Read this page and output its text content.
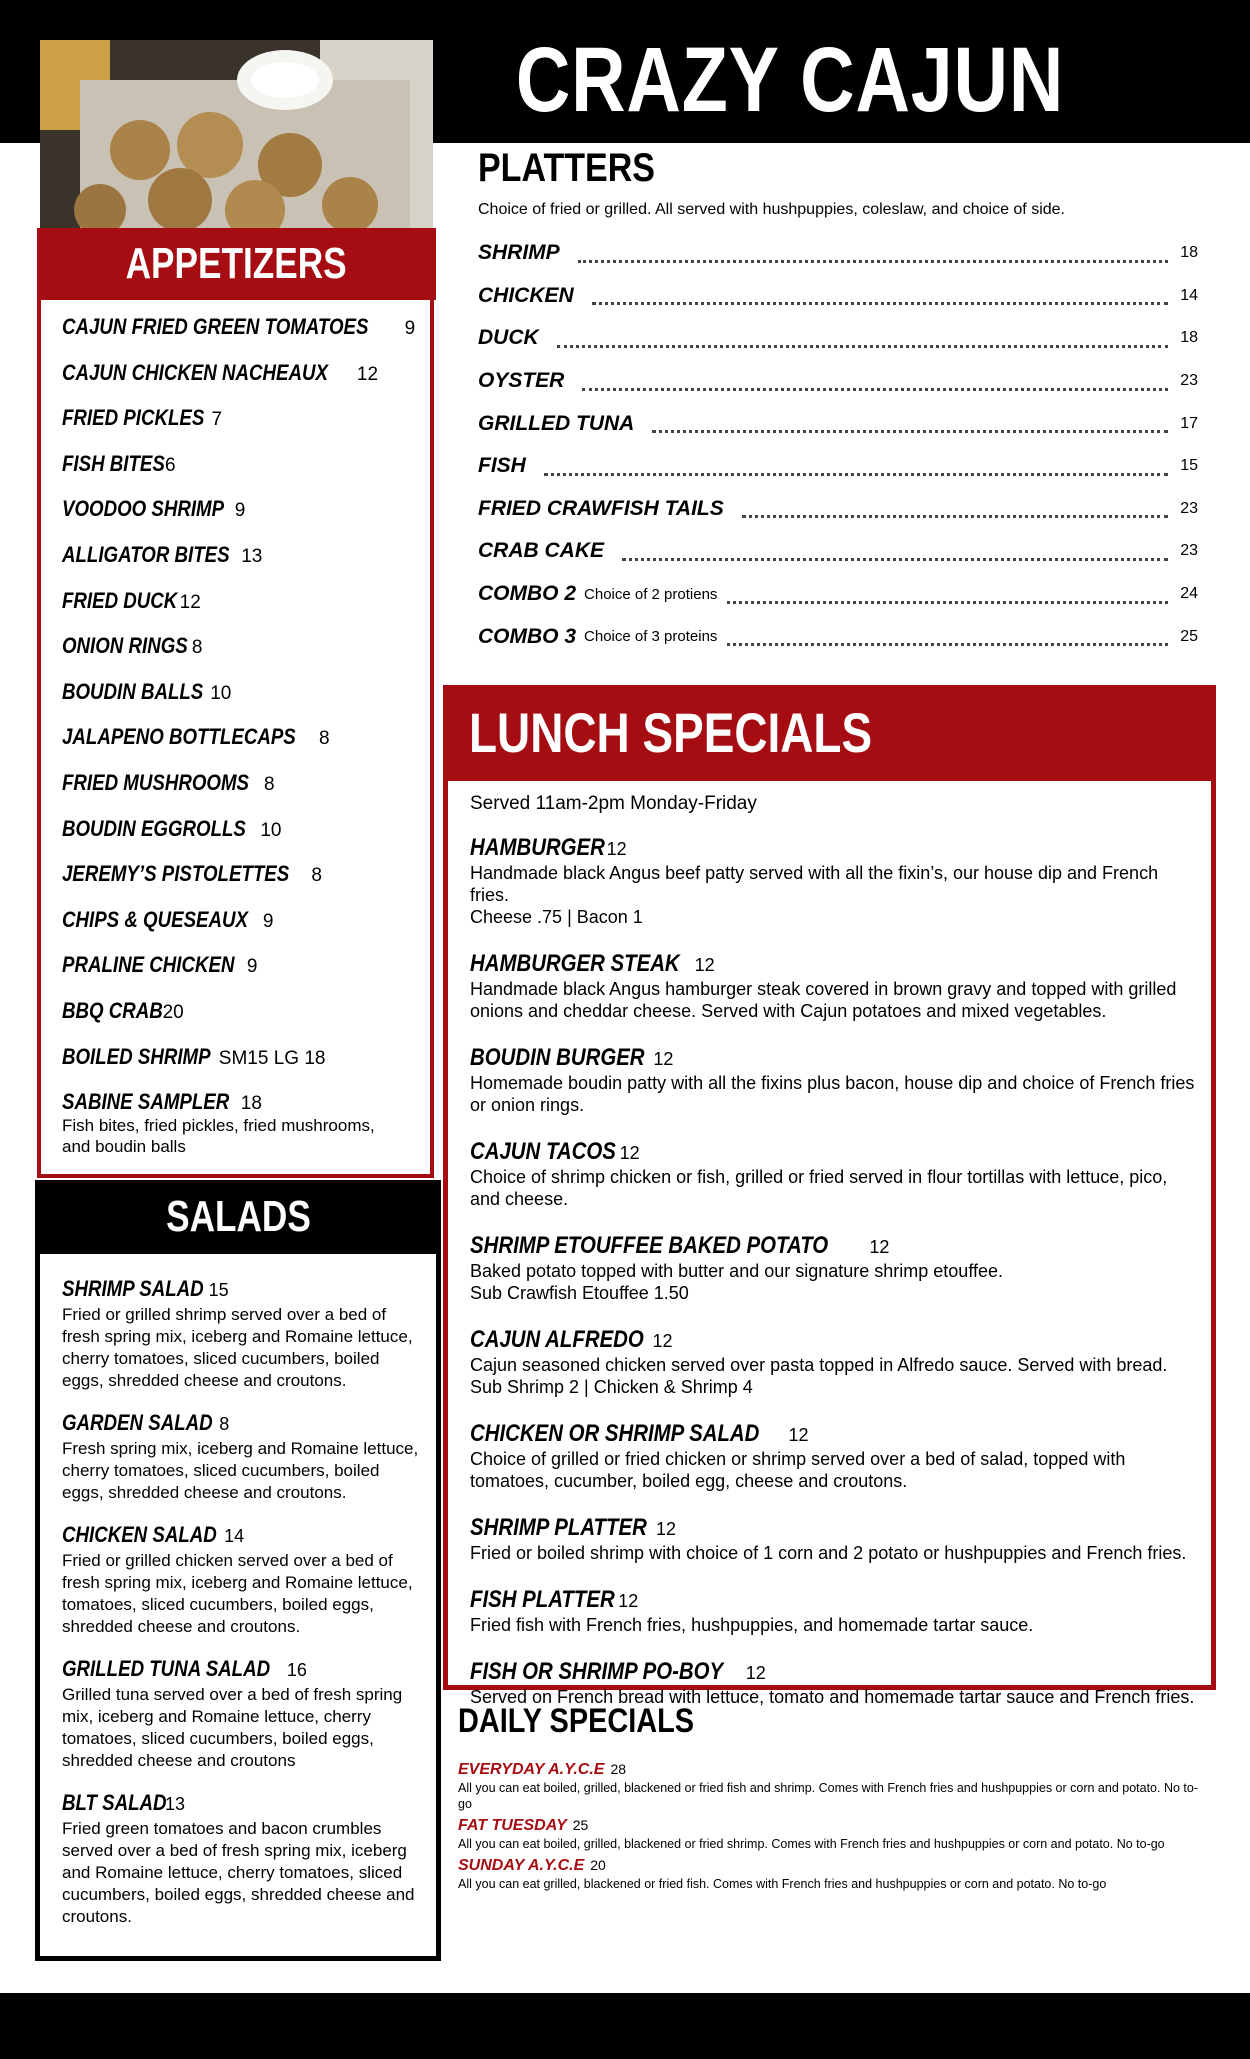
CRAZY CAJUN
APPETIZERS
CAJUN FRIED GREEN TOMATOES 9
CAJUN CHICKEN NACHEAUX 12
FRIED PICKLES 7
FISH BITES6
VOODOO SHRIMP 9
ALLIGATOR BITES 13
FRIED DUCK 12
ONION RINGS 8
BOUDIN BALLS 10
JALAPENO BOTTLECAPS 8
FRIED MUSHROOMS 8
BOUDIN EGGROLLS 10
JEREMY’S PISTOLETTES 8
CHIPS & QUESEAUX 9
PRALINE CHICKEN 9
BBQ CRAB20
BOILED SHRIMP SM15 LG 18
SABINE SAMPLER 18
Fish bites, fried pickles, fried mushrooms, and boudin balls
SALADS
SHRIMP SALAD 15
Fried or grilled shrimp served over a bed of fresh spring mix, iceberg and Romaine lettuce, cherry tomatoes, sliced cucumbers, boiled eggs, shredded cheese and croutons.
GARDEN SALAD 8
Fresh spring mix, iceberg and Romaine lettuce, cherry tomatoes, sliced cucumbers, boiled eggs, shredded cheese and croutons.
CHICKEN SALAD 14
Fried or grilled chicken served over a bed of fresh spring mix, iceberg and Romaine lettuce, tomatoes, sliced cucumbers, boiled eggs, shredded cheese and croutons.
GRILLED TUNA SALAD 16
Grilled tuna served over a bed of fresh spring mix, iceberg and Romaine lettuce, cherry tomatoes, sliced cucumbers, boiled eggs, shredded cheese and croutons
BLT SALAD13
Fried green tomatoes and bacon crumbles served over a bed of fresh spring mix, iceberg and Romaine lettuce, cherry tomatoes, sliced cucumbers, boiled eggs, shredded cheese and croutons.
PLATTERS
Choice of fried or grilled. All served with hushpuppies, coleslaw, and choice of side.
SHRIMP	18
CHICKEN	14
DUCK	18
OYSTER	23
GRILLED TUNA	17
FISH	15
FRIED CRAWFISH TAILS	23
CRAB CAKE	23
COMBO 2 Choice of 2 protiens	24
COMBO 3 Choice of 3 proteins	25
LUNCH SPECIALS
Served 11am-2pm Monday-Friday
HAMBURGER 12
Handmade black Angus beef patty served with all the fixin’s, our house dip and French fries.
Cheese .75 | Bacon 1
HAMBURGER STEAK 12
Handmade black Angus hamburger steak covered in brown gravy and topped with grilled onions and cheddar cheese. Served with Cajun potatoes and mixed vegetables.
BOUDIN BURGER 12
Homemade boudin patty with all the fixins plus bacon, house dip and choice of French fries or onion rings.
CAJUN TACOS 12
Choice of shrimp chicken or fish, grilled or fried served in flour tortillas with lettuce, pico, and cheese.
SHRIMP ETOUFFEE BAKED POTATO 12
Baked potato topped with butter and our signature shrimp etouffee.
Sub Crawfish Etouffee 1.50
CAJUN ALFREDO 12
Cajun seasoned chicken served over pasta topped in Alfredo sauce. Served with bread.
Sub Shrimp 2 | Chicken & Shrimp 4
CHICKEN OR SHRIMP SALAD 12
Choice of grilled or fried chicken or shrimp served over a bed of salad, topped with tomatoes, cucumber, boiled egg, cheese and croutons.
SHRIMP PLATTER 12
Fried or boiled shrimp with choice of 1 corn and 2 potato or hushpuppies and French fries.
FISH PLATTER 12
Fried fish with French fries, hushpuppies, and homemade tartar sauce.
FISH OR SHRIMP PO-BOY 12
Served on French bread with lettuce, tomato and homemade tartar sauce and French fries.
DAILY SPECIALS
EVERYDAY A.Y.C.E 28
All you can eat boiled, grilled, blackened or fried fish and shrimp. Comes with French fries and hushpuppies or corn and potato. No to-go
FAT TUESDAY 25
All you can eat boiled, grilled, blackened or fried shrimp. Comes with French fries and hushpuppies or corn and potato. No to-go
SUNDAY A.Y.C.E 20
All you can eat grilled, blackened or fried fish. Comes with French fries and hushpuppies or corn and potato. No to-go
